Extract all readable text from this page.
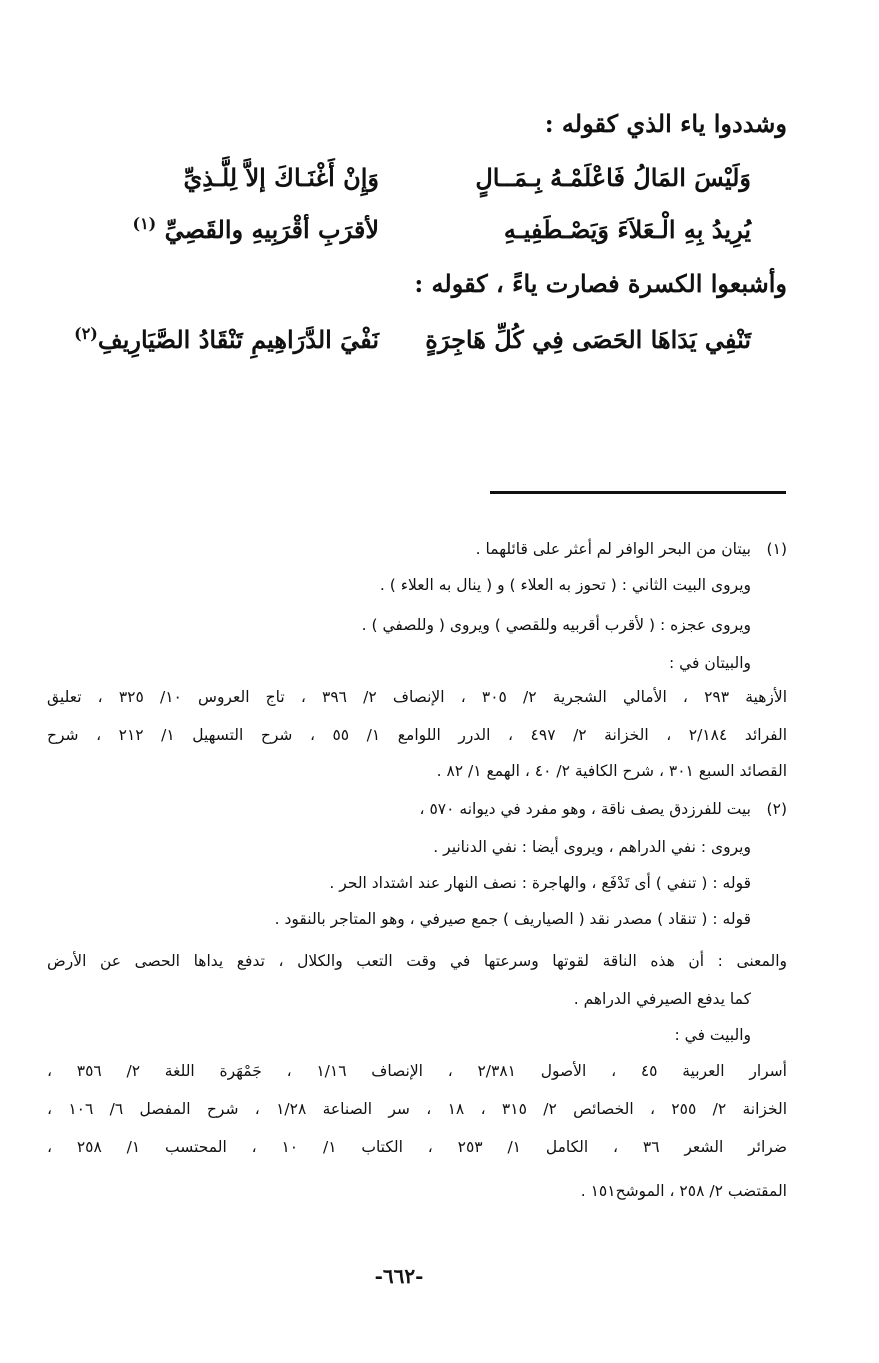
وشددوا ياء الذي كقوله :
وَلَيْسَ المَالُ فَاعْلَمْـهُ بِـمَــالٍ
وَإِنْ أَغْنَـاكَ إلاَّ لِلَّـذِيِّ
يُرِيدُ بِهِ الْـعَلاَءَ وَيَصْـطَفِيـهِ
لأقرَبِ أقْرَبِيهِ والقَصِيِّ​ $^{(١)}$
وأشبعوا الكسرة فصارت ياءً ، كقوله :
تَنْفِي يَدَاهَا الحَصَى فِي كُلِّ هَاجِرَةٍ
نَفْيَ الدَّرَاهِيمِ تَنْقَادُ الصَّيَارِيفِ$^{(٢)}$
(١)
بيتان من البحر الوافر لم أعثر على قائلهما .
ويروى البيت الثاني : ( تحوز به العلاء ) و ( ينال به العلاء ) .
ويروى عجزه : ( لأقرب أقربيه وللقصي ) ويروى ( وللصفي ) .
والبيتان في :
الأزهية ٢٩٣ ، الأمالي الشجرية ٢/ ٣٠٥ ، الإنصاف ٢/ ٣٩٦ ، تاج العروس ١٠/ ٣٢٥ ، تعليق
الفرائد ٢/١٨٤ ، الخزانة ٢/ ٤٩٧ ، الدرر اللوامع ١/ ٥٥ ، شرح التسهيل ١/ ٢١٢ ، شرح
القصائد السبع ٣٠١ ، شرح الكافية ٢/ ٤٠ ، الهمع ١/ ٨٢ .
(٢)
بيت للفرزدق يصف ناقة ، وهو مفرد في ديوانه ٥٧٠ ،
ويروى : نفي الدراهم ، ويروى أيضا : نفي الدنانير .
قوله : ( تنفي ) أى تَدْفَع ، والهاجرة : نصف النهار عند اشتداد الحر .
قوله : ( تنقاد ) مصدر نقد ( الصياريف ) جمع صيرفي ، وهو المتاجر بالنقود .
والمعنى : أن هذه الناقة لقوتها وسرعتها في وقت التعب والكلال ، تدفع يداها الحصى عن الأرض
كما يدفع الصيرفي الدراهم .
والبيت في :
أسرار العربية ٤٥ ، الأصول ٢/٣٨١ ، الإنصاف ١/١٦ ، جَمْهَرة اللغة ٢/ ٣٥٦ ،
الخزانة ٢/ ٢٥٥ ، الخصائص ٢/ ٣١٥ ، ١٨ ، سر الصناعة ١/٢٨ ، شرح المفصل ٦/ ١٠٦ ،
ضرائر الشعر ٣٦ ، الكامل ١/ ٢٥٣ ، الكتاب ١/ ١٠ ، المحتسب ١/ ٢٥٨ ،
المقتضب ٢/ ٢٥٨ ، الموشح١٥١ .
-٦٦٢-
